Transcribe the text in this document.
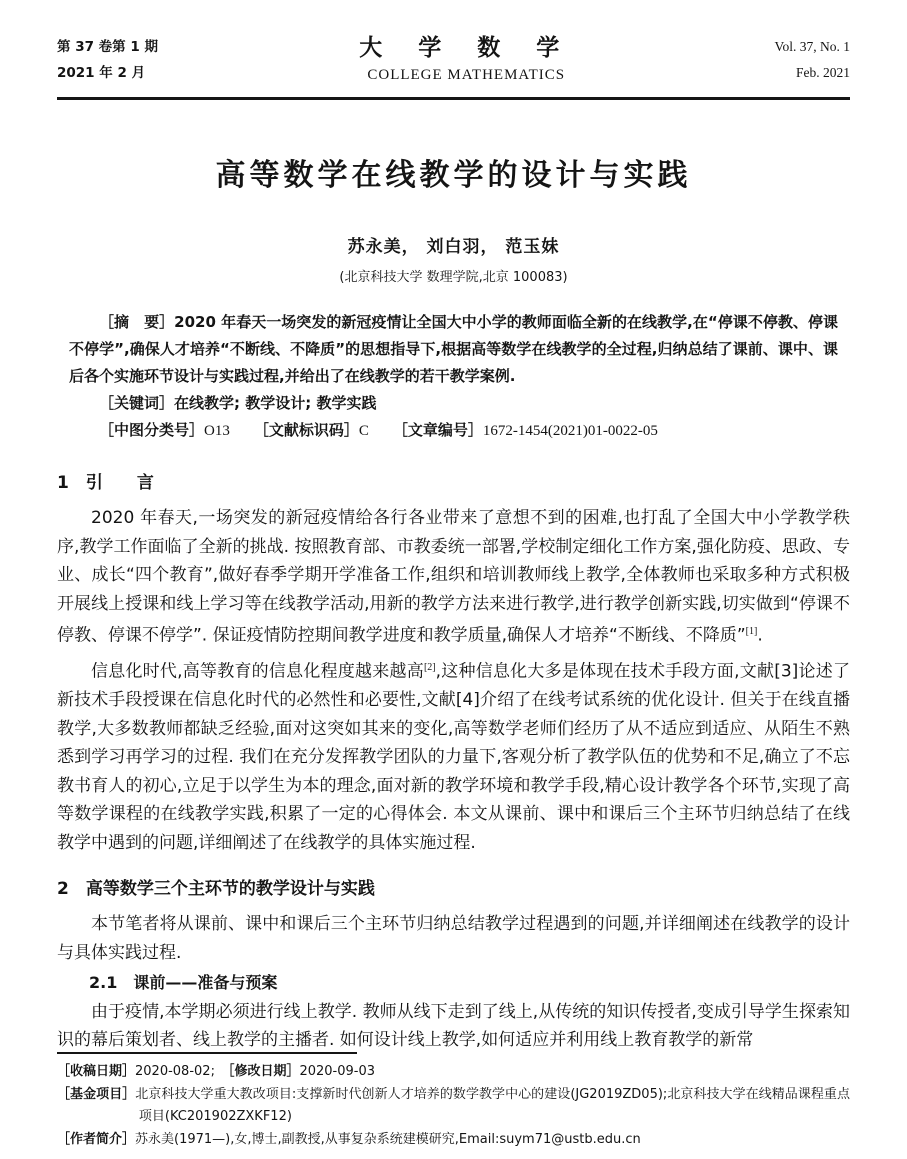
第 37 卷第 1 期
2021 年 2 月
大 学 数 学
COLLEGE MATHEMATICS
Vol. 37, No. 1
Feb. 2021
高等数学在线教学的设计与实践
苏永美， 刘白羽， 范玉妹
(北京科技大学 数理学院,北京 100083)

［摘　要］2020 年春天一场突发的新冠疫情让全国大中小学的教师面临全新的在线教学,在“停课不停教、停课不停学”,确保人才培养“不断线、不降质”的思想指导下,根据高等数学在线教学的全过程,归纳总结了课前、课中、课后各个实施环节设计与实践过程,并给出了在线教学的若干教学案例.

［关键词］在线教学; 教学设计; 教学实践

［中图分类号］O13 ［文献标识码］C ［文章编号］1672-1454(2021)01-0022-05

1　引　　言

2020 年春天,一场突发的新冠疫情给各行各业带来了意想不到的困难,也打乱了全国大中小学教学秩序,教学工作面临了全新的挑战. 按照教育部、市教委统一部署,学校制定细化工作方案,强化防疫、思政、专业、成长“四个教育”,做好春季学期开学准备工作,组织和培训教师线上教学,全体教师也采取多种方式积极开展线上授课和线上学习等在线教学活动,用新的教学方法来进行教学,进行教学创新实践,切实做到“停课不停教、停课不停学”. 保证疫情防控期间教学进度和教学质量,确保人才培养“不断线、不降质”[1].

信息化时代,高等教育的信息化程度越来越高[2],这种信息化大多是体现在技术手段方面,文献[3]论述了新技术手段授课在信息化时代的必然性和必要性,文献[4]介绍了在线考试系统的优化设计. 但关于在线直播教学,大多数教师都缺乏经验,面对这突如其来的变化,高等数学老师们经历了从不适应到适应、从陌生不熟悉到学习再学习的过程. 我们在充分发挥教学团队的力量下,客观分析了教学队伍的优势和不足,确立了不忘教书育人的初心,立足于以学生为本的理念,面对新的教学环境和教学手段,精心设计教学各个环节,实现了高等数学课程的在线教学实践,积累了一定的心得体会. 本文从课前、课中和课后三个主环节归纳总结了在线教学中遇到的问题,详细阐述了在线教学的具体实施过程.

2　高等数学三个主环节的教学设计与实践

本节笔者将从课前、课中和课后三个主环节归纳总结教学过程遇到的问题,并详细阐述在线教学的设计与具体实践过程.

2.1　课前——准备与预案

由于疫情,本学期必须进行线上教学. 教师从线下走到了线上,从传统的知识传授者,变成引导学生探索知识的幕后策划者、线上教学的主播者. 如何设计线上教学,如何适应并利用线上教育教学的新常

［收稿日期］2020-08-02;　［修改日期］2020-09-03

［基金项目］北京科技大学重大教改项目:支撑新时代创新人才培养的数学教学中心的建设(JG2019ZD05);北京科技大学在线精品课程重点项目(KC201902ZXKF12)

［作者简介］苏永美(1971—),女,博士,副教授,从事复杂系统建模研究,Email:suym71@ustb.edu.cn
